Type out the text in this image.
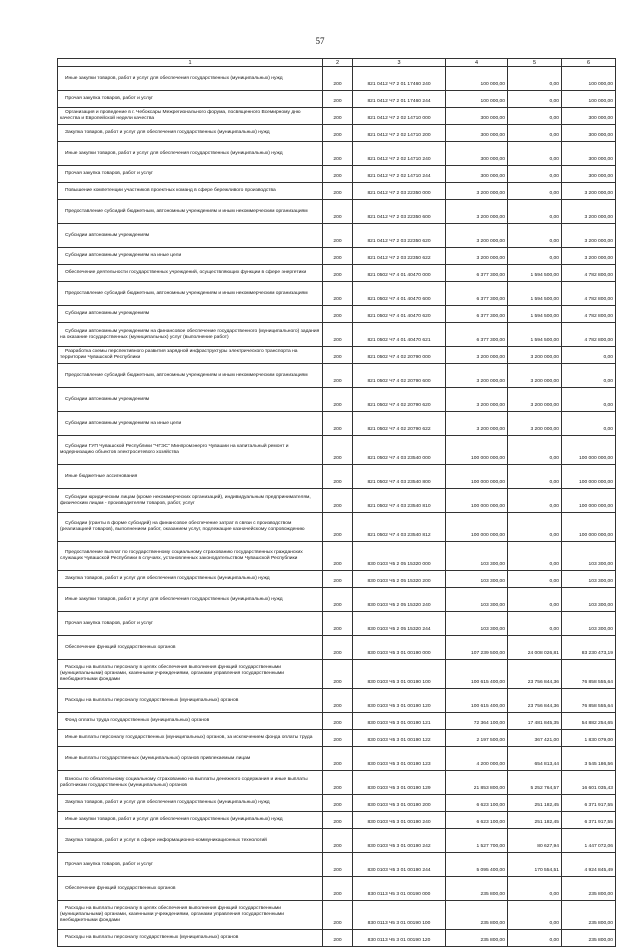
57
1	2	3	4	5	6
Иные закупки товаров, работ и услуг для обеспечения государственных (муниципальных) нужд	200	821 0412 Ч7 2 01 17460 240	100 000,00	0,00	100 000,00
Прочая закупка товаров, работ и услуг	200	821 0412 Ч7 2 01 17460 244	100 000,00	0,00	100 000,00
Организация и проведение в г. Чебоксары Межрегионального форума, посвященного Всемирному дню качества и Европейской недели качества	200	821 0412 Ч7 2 02 14710 000	300 000,00	0,00	300 000,00
Закупка товаров, работ и услуг для обеспечения государственных (муниципальных) нужд	200	821 0412 Ч7 2 02 14710 200	300 000,00	0,00	300 000,00
Иные закупки товаров, работ и услуг для обеспечения государственных (муниципальных) нужд	200	821 0412 Ч7 2 02 14710 240	300 000,00	0,00	300 000,00
Прочая закупка товаров, работ и услуг	200	821 0412 Ч7 2 02 14710 244	300 000,00	0,00	300 000,00
Повышение компетенции участников проектных команд в сфере бережливого производства	200	821 0412 Ч7 2 03 22350 000	3 200 000,00	0,00	3 200 000,00
Предоставление субсидий бюджетным, автономным учреждениям и иным некоммерческим организациям	200	821 0412 Ч7 2 03 22350 600	3 200 000,00	0,00	3 200 000,00
Субсидии автономным учреждениям	200	821 0412 Ч7 2 03 22350 620	3 200 000,00	0,00	3 200 000,00
Субсидии автономным учреждениям на иные цели	200	821 0412 Ч7 2 03 22350 622	3 200 000,00	0,00	3 200 000,00
Обеспечение деятельности государственных учреждений, осуществляющих функции в сфере энергетики	200	821 0502 Ч7 4 01 40470 000	6 377 300,00	1 594 500,00	4 782 800,00
Предоставление субсидий бюджетным, автономным учреждениям и иным некоммерческим организациям	200	821 0502 Ч7 4 01 40470 600	6 377 300,00	1 594 500,00	4 782 800,00
Субсидии автономным учреждениям	200	821 0502 Ч7 4 01 40470 620	6 377 300,00	1 594 500,00	4 782 800,00
Субсидии автономным учреждениям на финансовое обеспечение государственного (муниципального) задания на оказание государственных (муниципальных) услуг (выполнение работ)	200	821 0502 Ч7 4 01 40470 621	6 377 300,00	1 594 500,00	4 782 800,00
Разработка схемы перспективного развития зарядной инфраструктуры электрического транспорта на территории Чувашской Республики	200	821 0502 Ч7 4 02 20790 000	3 200 000,00	3 200 000,00	0,00
Предоставление субсидий бюджетным, автономным учреждениям и иным некоммерческим организациям	200	821 0502 Ч7 4 02 20790 600	3 200 000,00	3 200 000,00	0,00
Субсидии автономным учреждениям	200	821 0502 Ч7 4 02 20790 620	3 200 000,00	3 200 000,00	0,00
Субсидии автономным учреждениям на иные цели	200	821 0502 Ч7 4 02 20790 622	3 200 000,00	3 200 000,00	0,00
Субсидии ГУП Чувашской Республики "ЧГЭС" Минпромэнерго Чувашии на капитальный ремонт и модернизацию объектов электросетевого хозяйства	200	821 0502 Ч7 4 03 23540 000	100 000 000,00	0,00	100 000 000,00
Иные бюджетные ассигнования	200	821 0502 Ч7 4 03 23540 800	100 000 000,00	0,00	100 000 000,00
Субсидии юридическим лицам (кроме некоммерческих организаций), индивидуальным предпринимателям, физическим лицам - производителям товаров, работ, услуг	200	821 0502 Ч7 4 03 23540 810	100 000 000,00	0,00	100 000 000,00
Субсидии (гранты в форме субсидий) на финансовое обеспечение затрат в связи с производством (реализацией товаров), выполнением работ, оказанием услуг, подлежащие казначейскому сопровождению	200	821 0502 Ч7 4 03 23540 812	100 000 000,00	0,00	100 000 000,00
Предоставление выплат по государственному социальному страхованию государственных гражданских служащих Чувашской Республики в случаях, установленных законодательством Чувашской Республики	200	830 0103 Ч5 2 05 15320 000	103 300,00	0,00	103 300,00
Закупка товаров, работ и услуг для обеспечения государственных (муниципальных) нужд	200	830 0103 Ч5 2 05 15320 200	103 300,00	0,00	103 300,00
Иные закупки товаров, работ и услуг для обеспечения государственных (муниципальных) нужд	200	830 0103 Ч5 2 05 15320 240	103 300,00	0,00	103 300,00
Прочая закупка товаров, работ и услуг	200	830 0103 Ч5 2 05 15320 244	103 300,00	0,00	103 300,00
Обеспечение функций государственных органов	200	830 0103 Ч5 3 01 00190 000	107 239 500,00	24 008 026,81	83 230 473,19
Расходы на выплаты персоналу в целях обеспечения выполнения функций государственными (муниципальными) органами, казенными учреждениями, органами управления государственными внебюджетными фондами	200	830 0103 Ч5 3 01 00190 100	100 615 400,00	23 756 844,36	76 858 555,64
Расходы на выплаты персоналу государственных (муниципальных) органов	200	830 0103 Ч5 3 01 00190 120	100 615 400,00	23 756 844,36	76 858 555,64
Фонд оплаты труда государственных (муниципальных) органов	200	830 0103 Ч5 3 01 00190 121	72 364 100,00	17 481 845,35	54 882 254,65
Иные выплаты персоналу государственных (муниципальных) органов, за исключением фонда оплаты труда	200	830 0103 Ч5 3 01 00190 122	2 197 500,00	367 421,00	1 830 079,00
Иные выплаты государственных (муниципальных) органов привлекаемым лицам	200	830 0103 Ч5 3 01 00190 123	4 200 000,00	654 813,44	3 545 186,56
Взносы по обязательному социальному страхованию на выплаты денежного содержания и иные выплаты работникам государственных (муниципальных) органов	200	830 0103 Ч5 3 01 00190 129	21 853 800,00	5 252 764,57	16 601 035,43
Закупка товаров, работ и услуг для обеспечения государственных (муниципальных) нужд	200	830 0103 Ч5 3 01 00190 200	6 623 100,00	251 182,45	6 371 917,55
Иные закупки товаров, работ и услуг для обеспечения государственных (муниципальных) нужд	200	830 0103 Ч5 3 01 00190 240	6 623 100,00	251 182,45	6 371 917,55
Закупка товаров, работ и услуг в сфере информационно-коммуникационных технологий	200	830 0103 Ч5 3 01 00190 242	1 527 700,00	80 627,94	1 447 072,06
Прочая закупка товаров, работ и услуг	200	830 0103 Ч5 3 01 00190 244	5 095 400,00	170 554,51	4 924 845,49
Обеспечение функций государственных органов	200	830 0113 Ч5 3 01 00190 000	235 800,00	0,00	235 800,00
Расходы на выплаты персоналу в целях обеспечения выполнения функций государственными (муниципальными) органами, казенными учреждениями, органами управления государственными внебюджетными фондами	200	830 0113 Ч5 3 01 00190 100	235 800,00	0,00	235 800,00
Расходы на выплаты персоналу государственных (муниципальных) органов	200	830 0113 Ч5 3 01 00190 120	235 800,00	0,00	235 800,00
